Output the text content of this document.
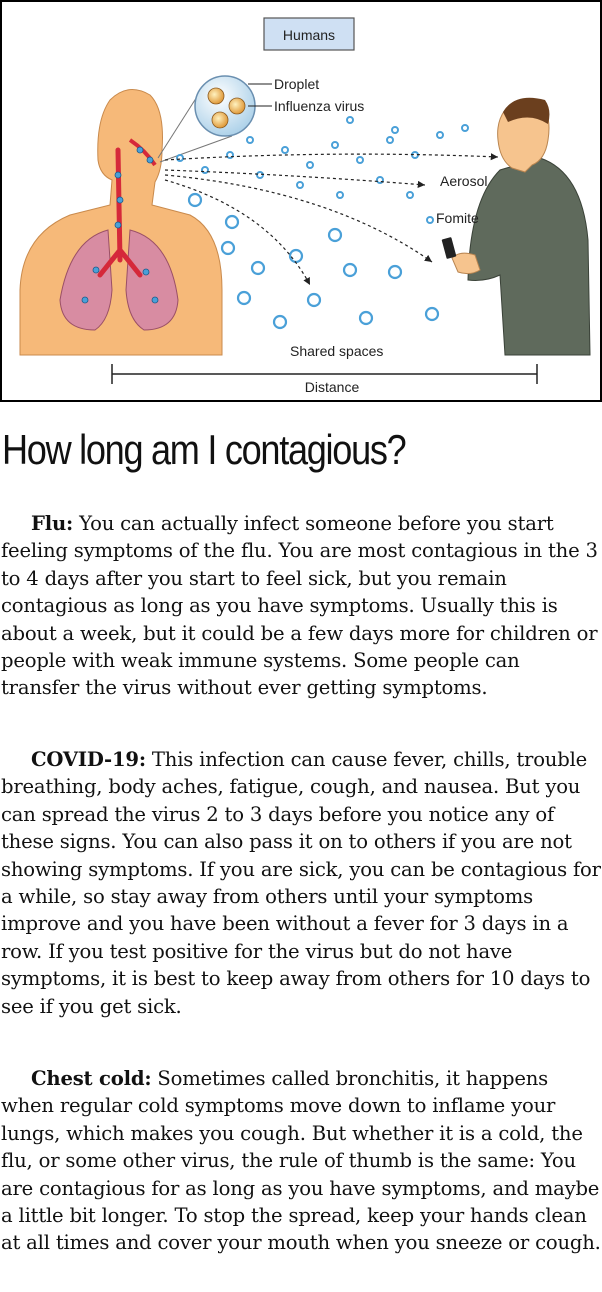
Humans
Droplet
Influenza virus
Aerosol
Fomite
Shared spaces
Distance
How long am I contagious?

Flu: You can actually infect someone before you start feeling symptoms of the flu. You are most contagious in the 3 to 4 days after you start to feel sick, but you remain contagious as long as you have symptoms. Usually this is about a week, but it could be a few days more for children or people with weak immune systems. Some people can transfer the virus without ever getting symptoms.

COVID-19: This infection can cause fever, chills, trouble breathing, body aches, fatigue, cough, and nausea. But you can spread the virus 2 to 3 days before you notice any of these signs. You can also pass it on to others if you are not showing symptoms. If you are sick, you can be contagious for a while, so stay away from others until your symptoms improve and you have been without a fever for 3 days in a row. If you test positive for the virus but do not have symptoms, it is best to keep away from others for 10 days to see if you get sick.

Chest cold: Sometimes called bronchitis, it happens when regular cold symptoms move down to inflame your lungs, which makes you cough. But whether it is a cold, the flu, or some other virus, the rule of thumb is the same: You are contagious for as long as you have symptoms, and maybe a little bit longer. To stop the spread, keep your hands clean at all times and cover your mouth when you sneeze or cough.
